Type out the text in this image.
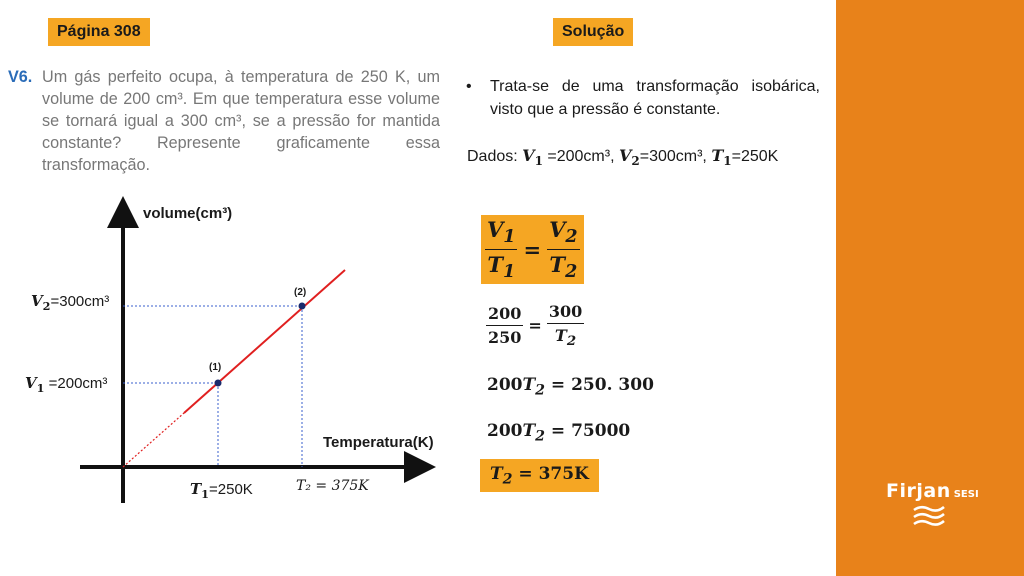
Firjan SESI
Página 308	Solução
V6. Um gás perfeito ocupa, à temperatura de 250 K, um volume de 200 cm³. Em que temperatura esse volume se tornará igual a 300 cm³, se a pressão for mantida constante? Represente graficamente essa transformação.
• Trata-se de uma transformação isobárica, visto que a pressão é constante.
Dados: $V_1 =200cm^3$, $V_2=300cm^3$, $T_1=250K$
$\frac{V_1}{T_1} = \frac{V_2}{T_2}$
$\frac{200}{250} = \frac{300}{T_2}$
$200T_2 = 250$. 300
$200T_2 = 75000$
$T_2 = 375K$
volume(cm³)
Temperatura(K)
$V_2=300cm^3$
$V_1 =200cm^3$
$T_1=250K$	T₂ = 375K
(1)
(2)
